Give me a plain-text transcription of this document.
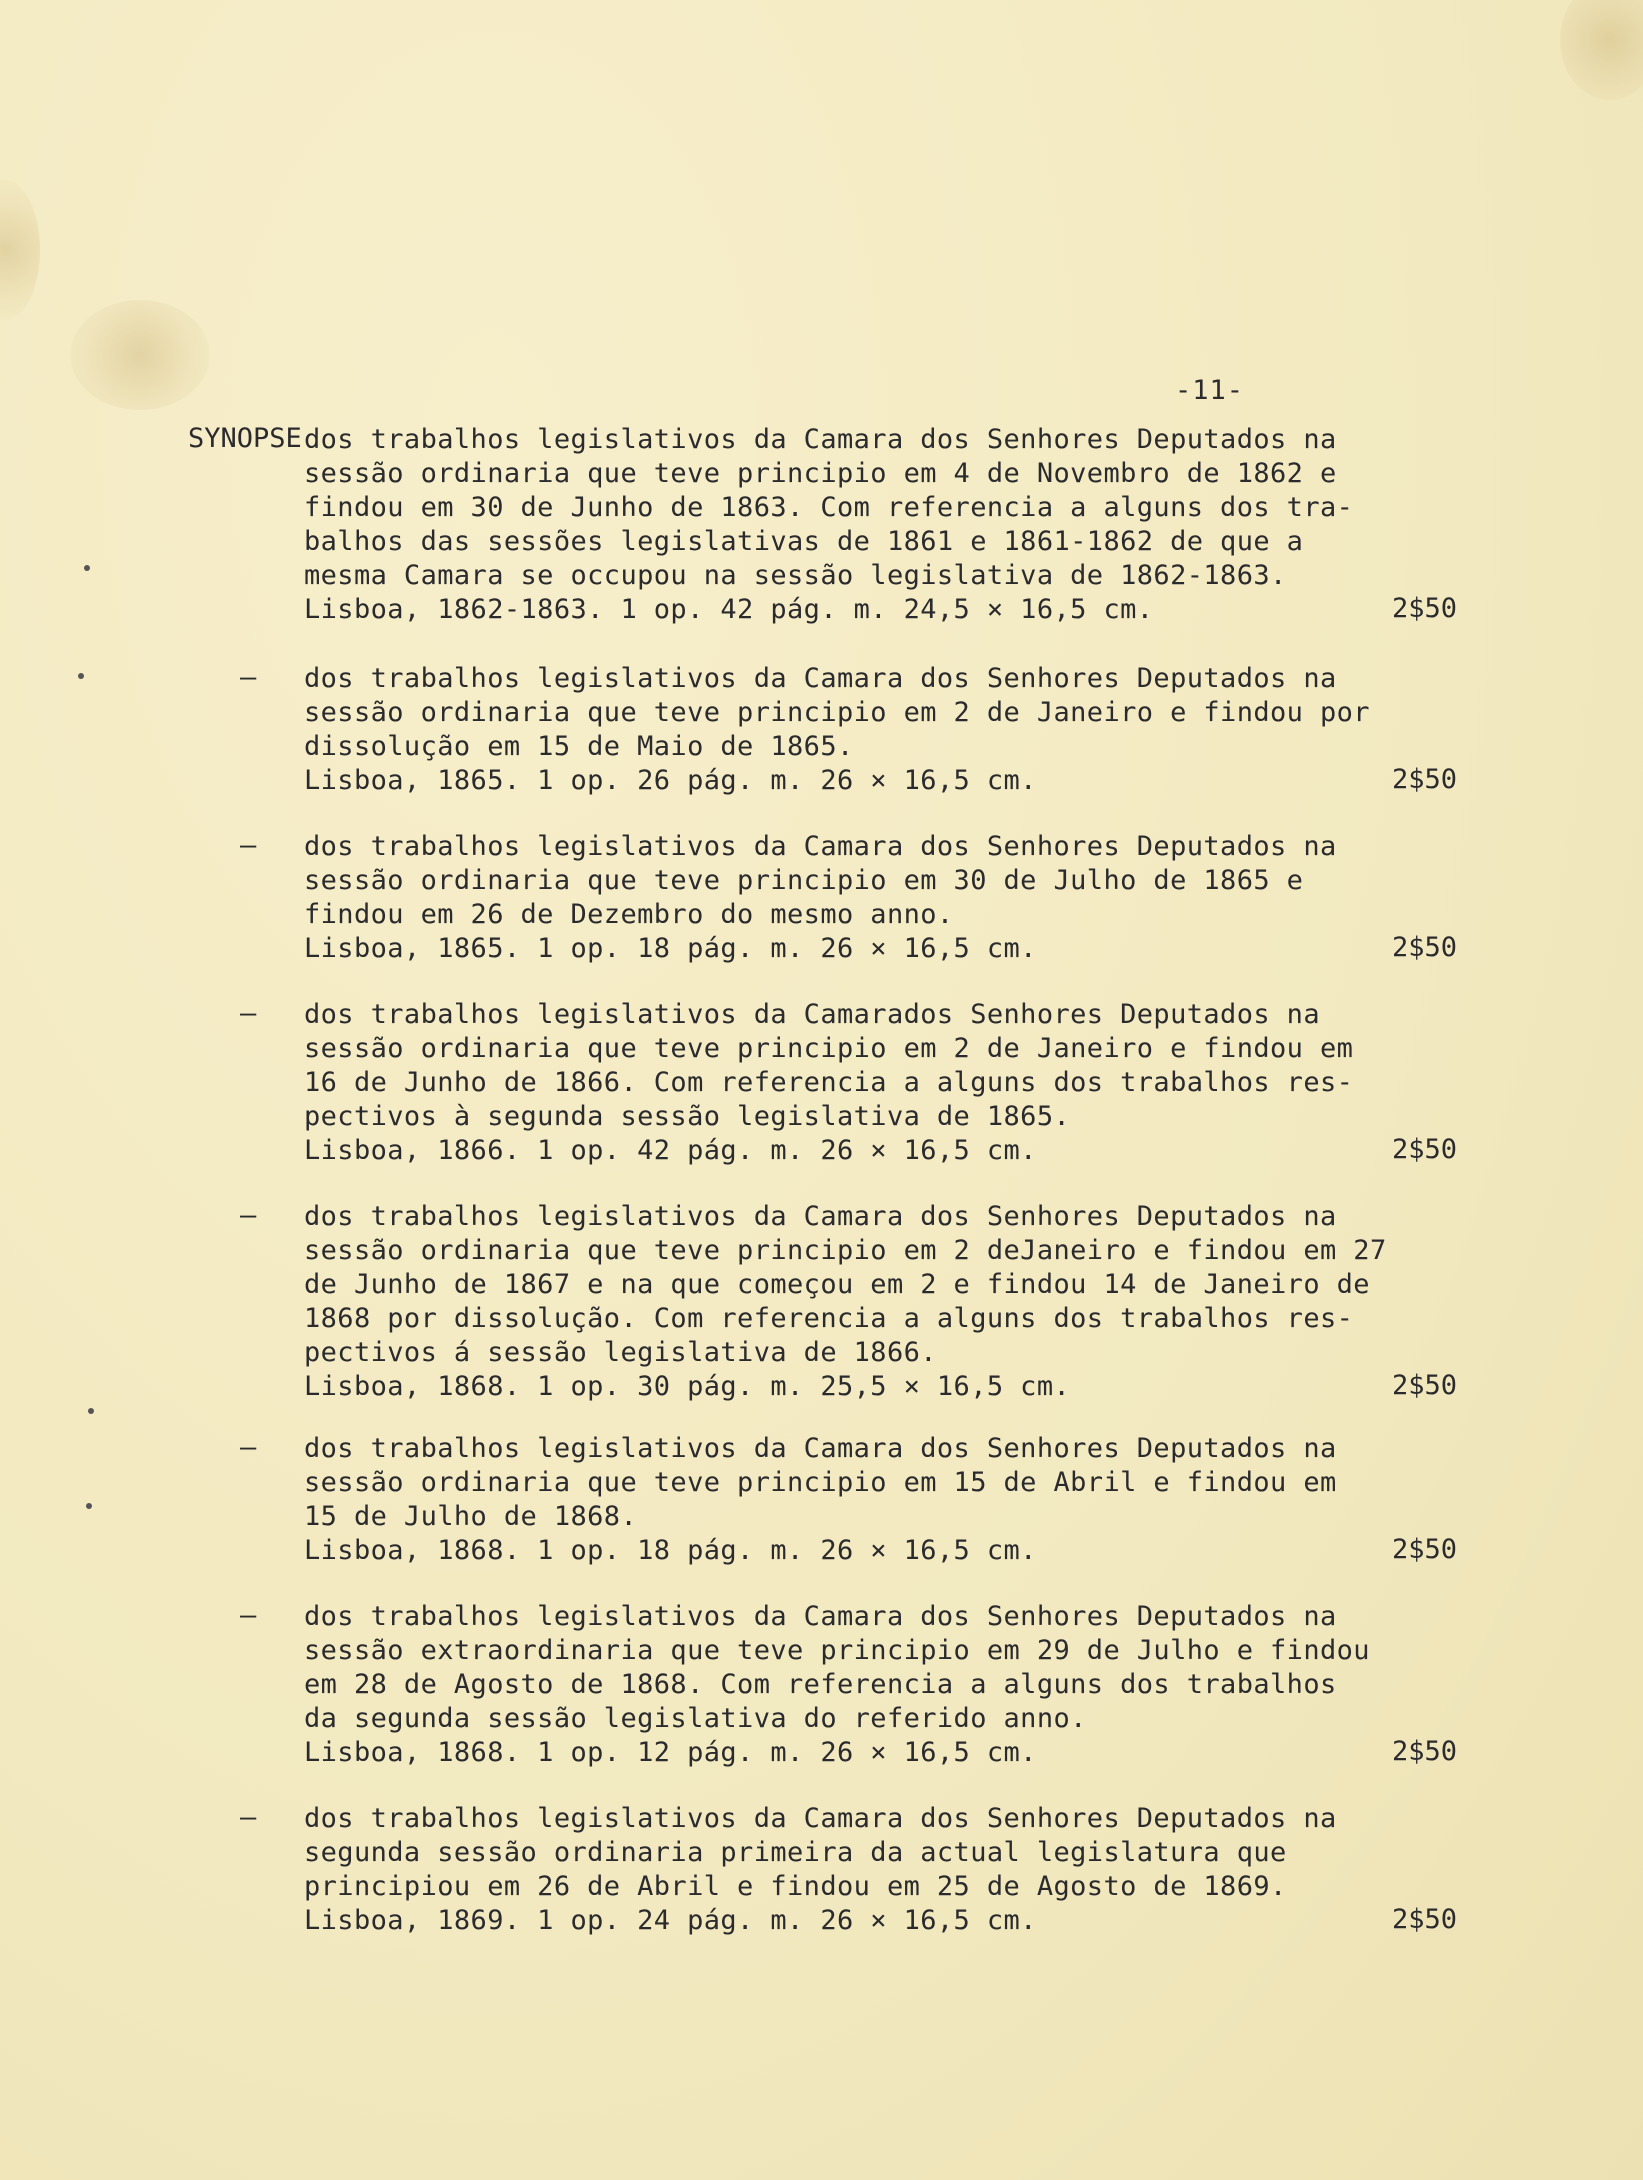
-11-
SYNOPSE dos trabalhos legislativos da Camara dos Senhores Deputados na
sessão ordinaria que teve principio em 4 de Novembro de 1862 e
findou em 30 de Junho de 1863. Com referencia a alguns dos tra-
balhos das sessões legislativas de 1861 e 1861-1862 de que a
mesma Camara se occupou na sessão legislativa de 1862-1863.
Lisboa, 1862-1863. 1 op. 42 pág. m. 24,5 × 16,5 cm.	2$50
– dos trabalhos legislativos da Camara dos Senhores Deputados na
sessão ordinaria que teve principio em 2 de Janeiro e findou por
dissolução em 15 de Maio de 1865.
Lisboa, 1865. 1 op. 26 pág. m. 26 × 16,5 cm.	2$50
– dos trabalhos legislativos da Camara dos Senhores Deputados na
sessão ordinaria que teve principio em 30 de Julho de 1865 e
findou em 26 de Dezembro do mesmo anno.
Lisboa, 1865. 1 op. 18 pág. m. 26 × 16,5 cm.	2$50
– dos trabalhos legislativos da Camarados Senhores Deputados na
sessão ordinaria que teve principio em 2 de Janeiro e findou em
16 de Junho de 1866. Com referencia a alguns dos trabalhos res-
pectivos à segunda sessão legislativa de 1865.
Lisboa, 1866. 1 op. 42 pág. m. 26 × 16,5 cm.	2$50
– dos trabalhos legislativos da Camara dos Senhores Deputados na
sessão ordinaria que teve principio em 2 deJaneiro e findou em 27
de Junho de 1867 e na que começou em 2 e findou 14 de Janeiro de
1868 por dissolução. Com referencia a alguns dos trabalhos res-
pectivos á sessão legislativa de 1866.
Lisboa, 1868. 1 op. 30 pág. m. 25,5 × 16,5 cm.	2$50
– dos trabalhos legislativos da Camara dos Senhores Deputados na
sessão ordinaria que teve principio em 15 de Abril e findou em
15 de Julho de 1868.
Lisboa, 1868. 1 op. 18 pág. m. 26 × 16,5 cm.	2$50
– dos trabalhos legislativos da Camara dos Senhores Deputados na
sessão extraordinaria que teve principio em 29 de Julho e findou
em 28 de Agosto de 1868. Com referencia a alguns dos trabalhos
da segunda sessão legislativa do referido anno.
Lisboa, 1868. 1 op. 12 pág. m. 26 × 16,5 cm.	2$50
– dos trabalhos legislativos da Camara dos Senhores Deputados na
segunda sessão ordinaria primeira da actual legislatura que
principiou em 26 de Abril e findou em 25 de Agosto de 1869.
Lisboa, 1869. 1 op. 24 pág. m. 26 × 16,5 cm.	2$50
